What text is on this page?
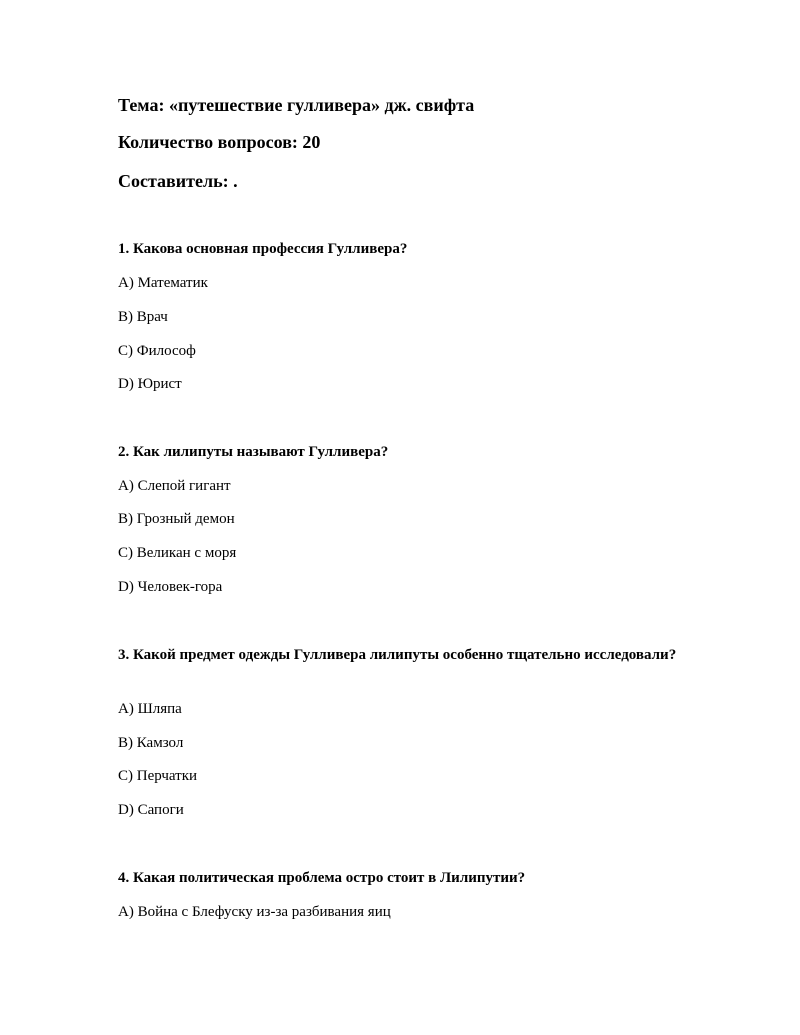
Тема: «путешествие гулливера» дж. свифта
Количество вопросов: 20
Составитель: .
1. Какова основная профессия Гулливера?
A) Математик
B) Врач
C) Философ
D) Юрист
2. Как лилипуты называют Гулливера?
A) Слепой гигант
B) Грозный демон
C) Великан с моря
D) Человек-гора
3. Какой предмет одежды Гулливера лилипуты особенно тщательно исследовали?
A) Шляпа
B) Камзол
C) Перчатки
D) Сапоги
4. Какая политическая проблема остро стоит в Лилипутии?
A) Война с Блефуску из-за разбивания яиц
